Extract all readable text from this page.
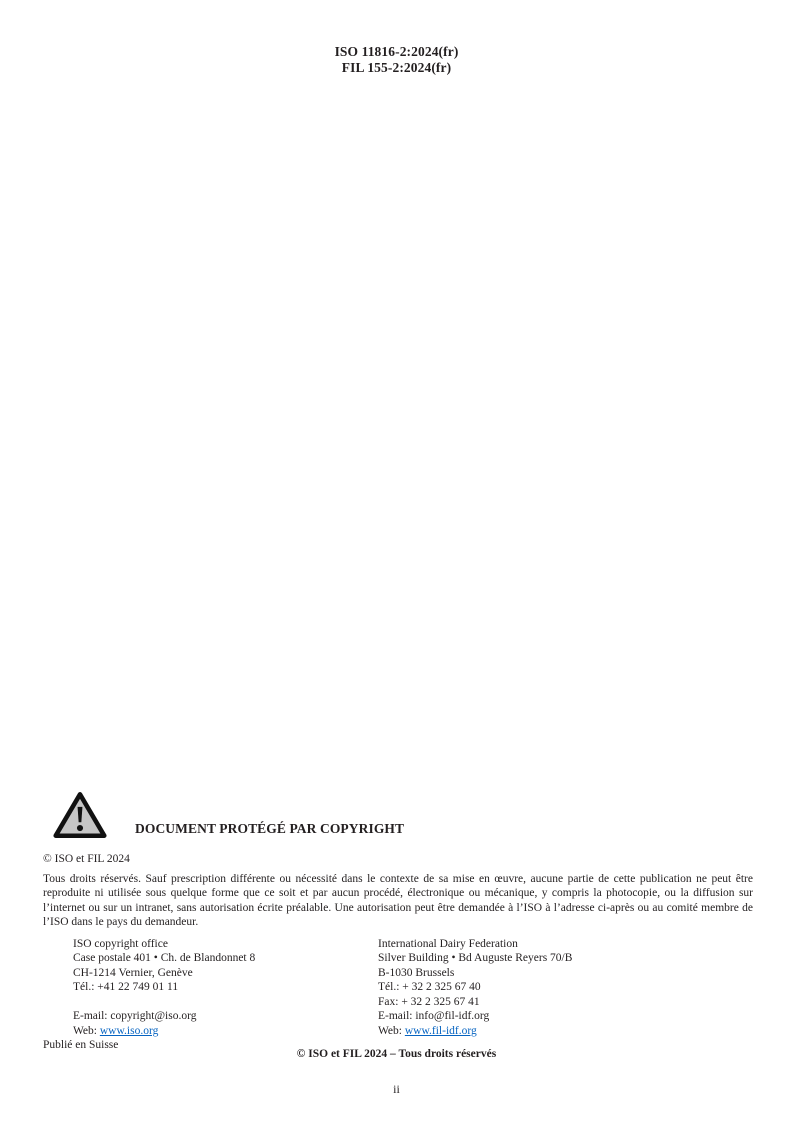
ISO 11816-2:2024(fr)
FIL 155-2:2024(fr)
DOCUMENT PROTÉGÉ PAR COPYRIGHT
© ISO et FIL 2024
Tous droits réservés. Sauf prescription différente ou nécessité dans le contexte de sa mise en œuvre, aucune partie de cette publication ne peut être reproduite ni utilisée sous quelque forme que ce soit et par aucun procédé, électronique ou mécanique, y compris la photocopie, ou la diffusion sur l’internet ou sur un intranet, sans autorisation écrite préalable. Une autorisation peut être demandée à l’ISO à l’adresse ci-après ou au comité membre de l’ISO dans le pays du demandeur.
ISO copyright office
Case postale 401 • Ch. de Blandonnet 8
CH-1214 Vernier, Genève
Tél.: +41 22 749 01 11
E-mail: copyright@iso.org
Web: www.iso.org
International Dairy Federation
Silver Building • Bd Auguste Reyers 70/B
B-1030 Brussels
Tél.: + 32 2 325 67 40
Fax: + 32 2 325 67 41
E-mail: info@fil-idf.org
Web: www.fil-idf.org
Publié en Suisse
© ISO et FIL 2024 – Tous droits réservés
ii
